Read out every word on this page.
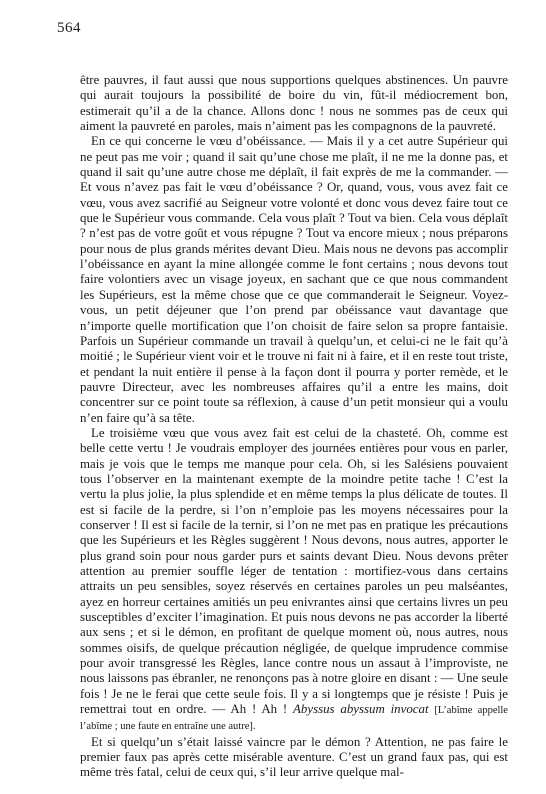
564

être pauvres, il faut aussi que nous supportions quelques abstinences. Un pauvre qui aurait toujours la possibilité de boire du vin, fût-il médiocrement bon, estimerait qu’il a de la chance. Allons donc ! nous ne sommes pas de ceux qui aiment la pauvreté en paroles, mais n’aiment pas les compagnons de la pauvreté.

En ce qui concerne le vœu d’obéissance. — Mais il y a cet autre Supérieur qui ne peut pas me voir ; quand il sait qu’une chose me plaît, il ne me la donne pas, et quand il sait qu’une autre chose me déplaît, il fait exprès de me la commander. — Et vous n’avez pas fait le vœu d’obéissance ? Or, quand, vous, vous avez fait ce vœu, vous avez sacrifié au Seigneur votre volonté et donc vous devez faire tout ce que le Supérieur vous commande. Cela vous plaît ? Tout va bien. Cela vous déplaît ? n’est pas de votre goût et vous répugne ? Tout va encore mieux ; nous préparons pour nous de plus grands mérites devant Dieu. Mais nous ne devons pas accomplir l’obéissance en ayant la mine allongée comme le font certains ; nous devons tout faire volontiers avec un visage joyeux, en sachant que ce que nous commandent les Supérieurs, est la même chose que ce que commanderait le Seigneur. Voyez-vous, un petit déjeuner que l’on prend par obéissance vaut davantage que n’importe quelle mortification que l’on choisit de faire selon sa propre fantaisie. Parfois un Supérieur commande un travail à quelqu’un, et celui-ci ne le fait qu’à moitié ; le Supérieur vient voir et le trouve ni fait ni à faire, et il en reste tout triste, et pendant la nuit entière il pense à la façon dont il pourra y porter remède, et le pauvre Directeur, avec les nombreuses affaires qu’il a entre les mains, doit concentrer sur ce point toute sa réflexion, à cause d’un petit monsieur qui a voulu n’en faire qu’à sa tête.

Le troisième vœu que vous avez fait est celui de la chasteté. Oh, comme est belle cette vertu ! Je voudrais employer des journées entières pour vous en parler, mais je vois que le temps me manque pour cela. Oh, si les Salésiens pouvaient tous l’observer en la maintenant exempte de la moindre petite tache ! C’est la vertu la plus jolie, la plus splendide et en même temps la plus délicate de toutes. Il est si facile de la perdre, si l’on n’emploie pas les moyens nécessaires pour la conserver ! Il est si facile de la ternir, si l’on ne met pas en pratique les précautions que les Supérieurs et les Règles suggèrent ! Nous devons, nous autres, apporter le plus grand soin pour nous garder purs et saints devant Dieu. Nous devons prêter attention au premier souffle léger de tentation : mortifiez-vous dans certains attraits un peu sensibles, soyez réservés en certaines paroles un peu malséantes, ayez en horreur certaines amitiés un peu enivrantes ainsi que certains livres un peu susceptibles d’exciter l’imagination. Et puis nous devons ne pas accorder la liberté aux sens ; et si le démon, en profitant de quelque moment où, nous autres, nous sommes oisifs, de quelque précaution négligée, de quelque imprudence commise pour avoir transgressé les Règles, lance contre nous un assaut à l’improviste, ne nous laissons pas ébranler, ne renonçons pas à notre gloire en disant : — Une seule fois ! Je ne le ferai que cette seule fois. Il y a si longtemps que je résiste ! Puis je remettrai tout en ordre. — Ah ! Ah ! Abyssus abyssum invocat [L’abîme appelle l’abîme ; une faute en entraîne une autre].

Et si quelqu’un s’était laissé vaincre par le démon ? Attention, ne pas faire le premier faux pas après cette misérable aventure. C’est un grand faux pas, qui est même très fatal, celui de ceux qui, s’il leur arrive quelque mal-
